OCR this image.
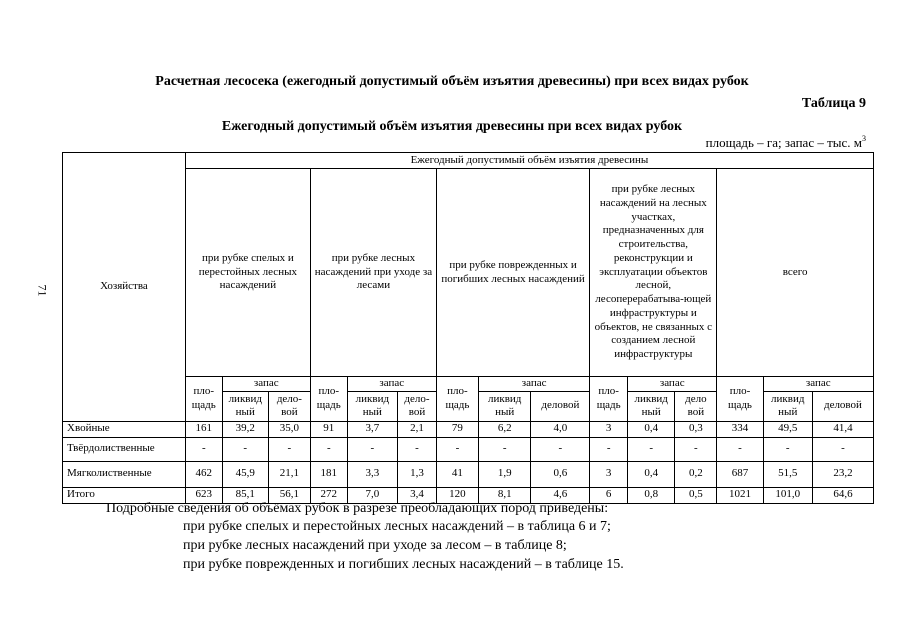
Расчетная лесосека (ежегодный допустимый объём изъятия древесины) при всех видах рубок
Таблица 9
Ежегодный допустимый объём изъятия древесины при всех видах рубок
площадь – га; запас – тыс. $м^3$
71	Хозяйства	Ежегодный допустимый объём изъятия древесины														
	при рубке спелых и перестойных лесных насаждений			при рубке лесных насаждений при уходе за лесами			при рубке поврежденных и погибших лесных насаждений			при рубке лесных насаждений на лесных участках, предназначенных для строительства, реконструкции и эксплуатации объектов лесной, лесоперерабатыва-ющей инфраструктуры и объектов, не связанных с созданием лесной инфраструктуры			всего		
	пло-щадь	запас		пло-щадь	запас		пло-щадь	запас		пло-щадь	запас		пло-щадь	запас	
		ликвид ный	дело-вой		ликвид ный	дело-вой		ликвид ный	деловой		ликвид ный	дело вой		ликвид ный	деловой
Хвойные	161	39,2	35,0	91	3,7	2,1	79	6,2	4,0	3	0,4	0,3	334	49,5	41,4
Твёрдолиственные	-	-	-	-	-	-	-	-	-	-	-	-	-	-	-
Мягколиственные	462	45,9	21,1	181	3,3	1,3	41	1,9	0,6	3	0,4	0,2	687	51,5	23,2
Итого	623	85,1	56,1	272	7,0	3,4	120	8,1	4,6	6	0,8	0,5	1021	101,0	64,6
Подробные сведения об объёмах рубок в разрезе преобладающих пород приведены:
при рубке спелых и перестойных лесных насаждений – в таблица 6 и 7;
при рубке лесных насаждений при уходе за лесом – в таблице 8;
при рубке поврежденных и погибших лесных насаждений – в таблице 15.
